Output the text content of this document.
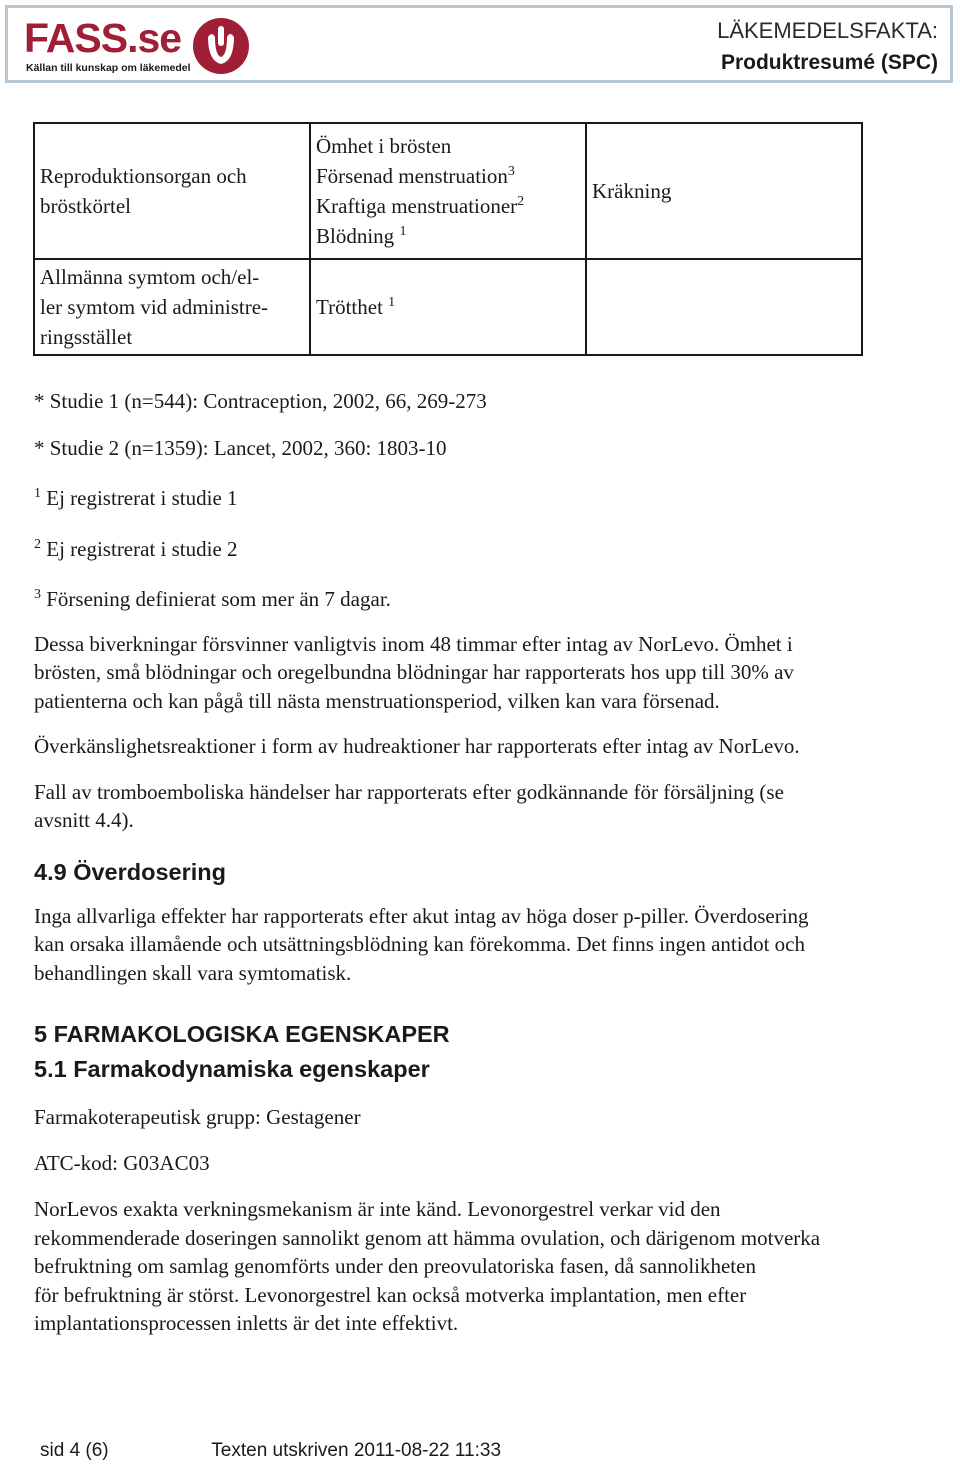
FASS.se
Källan till kunskap om läkemedel
LÄKEMEDELSFAKTA:
Produktresumé (SPC)
Reproduktionsorgan och bröstkörtel	Ömhet i brösten
Försenad menstruation$^3$
Kraftiga menstruationer$^2$
Blödning $^1$	Kräkning

Allmänna symtom och/el-
ler symtom vid administre-
ringsstället	Trötthet $^1$

* Studie 1 (n=544): Contraception, 2002, 66, 269-273

* Studie 2 (n=1359): Lancet, 2002, 360: 1803-10

$^1$ Ej registrerat i studie 1

$^2$ Ej registrerat i studie 2

$^3$ Försening definierat som mer än 7 dagar.

Dessa biverkningar försvinner vanligtvis inom 48 timmar efter intag av NorLevo. Ömhet i

brösten, små blödningar och oregelbundna blödningar har rapporterats hos upp till 30% av

patienterna och kan pågå till nästa menstruationsperiod, vilken kan vara försenad.

Överkänslighetsreaktioner i form av hudreaktioner har rapporterats efter intag av NorLevo.

Fall av tromboemboliska händelser har rapporterats efter godkännande för försäljning (se

avsnitt 4.4).

4.9 Överdosering

Inga allvarliga effekter har rapporterats efter akut intag av höga doser p-piller. Överdosering

kan orsaka illamående och utsättningsblödning kan förekomma. Det finns ingen antidot och

behandlingen skall vara symtomatisk.

5 FARMAKOLOGISKA EGENSKAPER
5.1 Farmakodynamiska egenskaper

Farmakoterapeutisk grupp: Gestagener

ATC-kod: G03AC03

NorLevos exakta verkningsmekanism är inte känd. Levonorgestrel verkar vid den

rekommenderade doseringen sannolikt genom att hämma ovulation, och därigenom motverka

befruktning om samlag genomförts under den preovulatoriska fasen, då sannolikheten

för befruktning är störst. Levonorgestrel kan också motverka implantation, men efter

implantationsprocessen inletts är det inte effektivt.

sid 4 (6)	Texten utskriven 2011-08-22 11:33
